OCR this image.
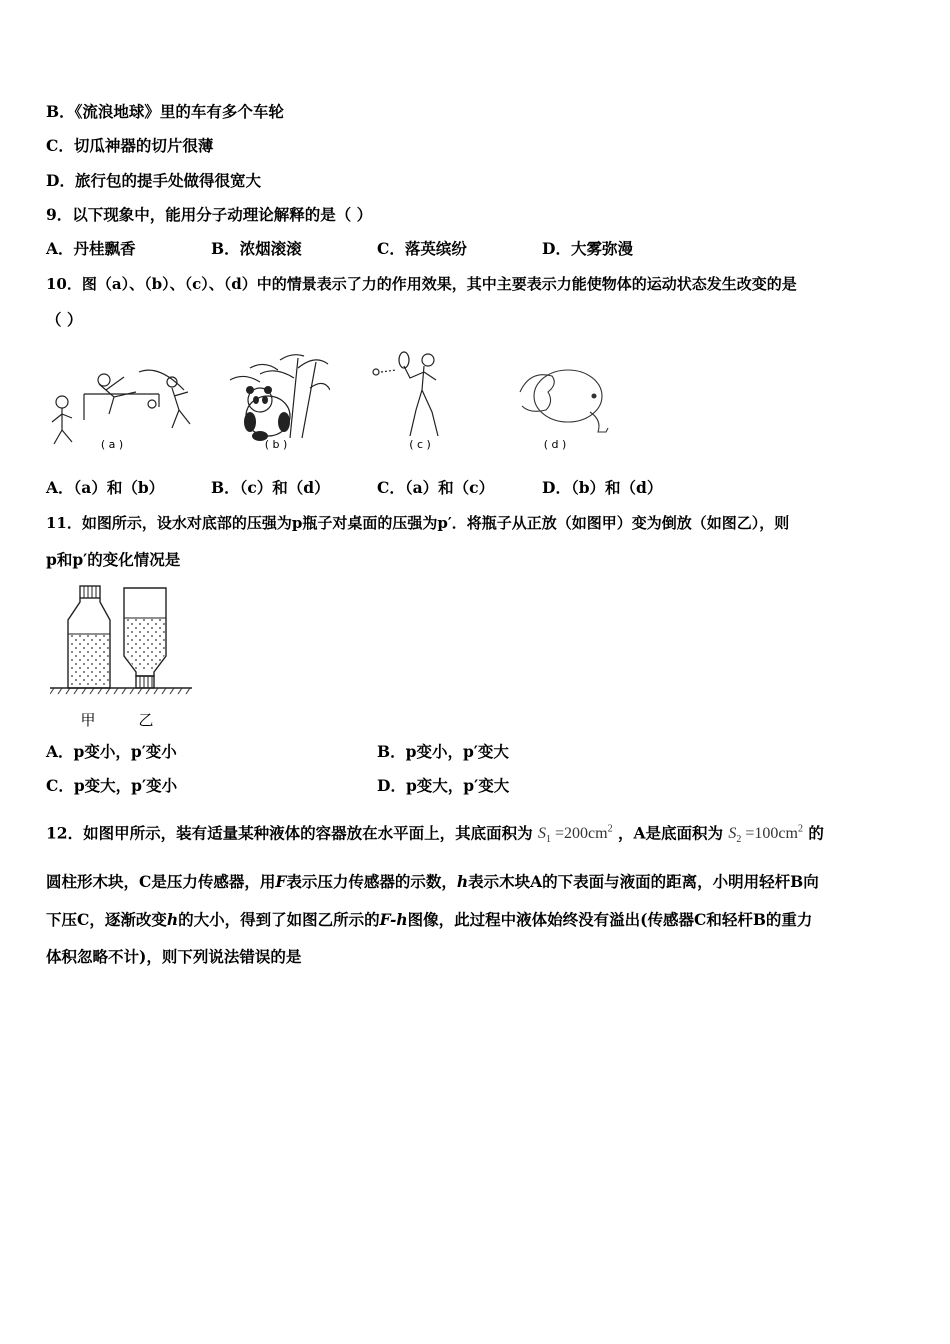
B．《流浪地球》里的车有多个车轮
C．切瓜神器的切片很薄
D．旅行包的提手处做得很宽大
9．以下现象中，能用分子动理论解释的是（ ）
A．丹桂飘香	B．浓烟滚滚	C．落英缤纷	D．大雾弥漫
10．图（a）、（b）、（c）、（d）中的情景表示了力的作用效果，其中主要表示力能使物体的运动状态发生改变的是
（ ）
( a )	( b )	( c )	( d )
A．（a）和（b）	B．（c）和（d）	C．（a）和（c）	D．（b）和（d）
11．如图所示，设水对底部的压强为p瓶子对桌面的压强为p′．将瓶子从正放（如图甲）变为倒放（如图乙），则
p和p′的变化情况是
甲	乙
A．p变小，p′变小	B．p变小，p′变大
C．p变大，p′变小	D．p变大，p′变大
12．如图甲所示，装有适量某种液体的容器放在水平面上，其底面积为 $S_1 =200cm^2$ ，A是底面积为 $S_2 =100cm^2$ 的
圆柱形木块，C是压力传感器，用F表示压力传感器的示数，h表示木块A的下表面与液面的距离，小明用轻杆B向
下压C，逐渐改变h的大小，得到了如图乙所示的F-h图像，此过程中液体始终没有溢出(传感器C和轻杆B的重力
体积忽略不计)，则下列说法错误的是
